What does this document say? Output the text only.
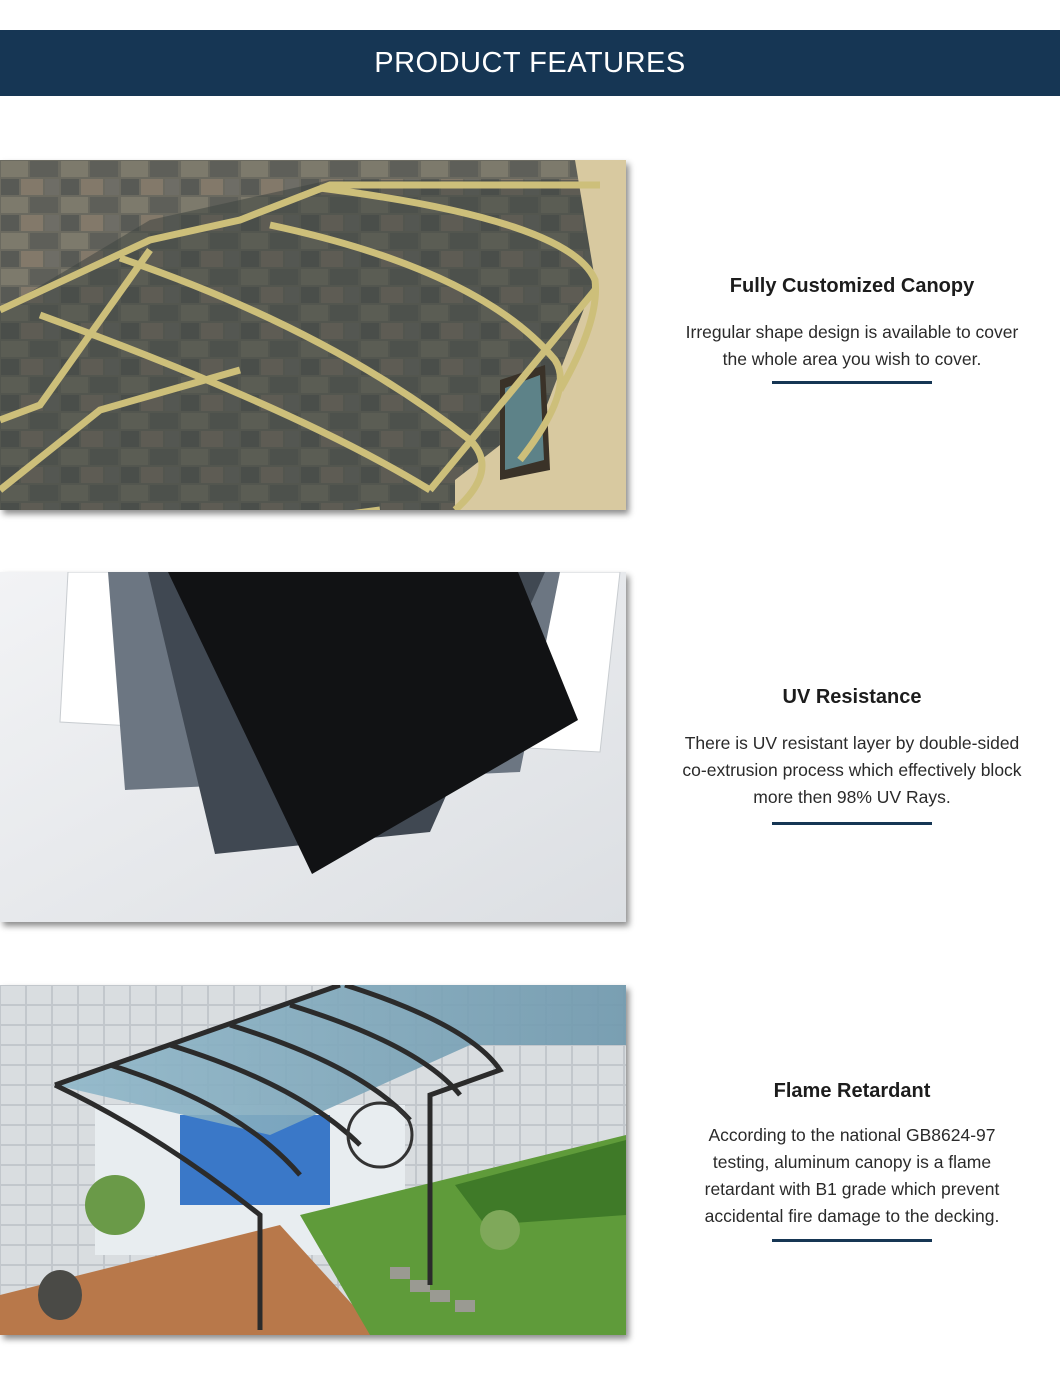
PRODUCT FEATURES

Fully Customized Canopy

Irregular shape design is available to cover

the whole area you wish to cover.

UV Resistance

There is UV resistant layer by double-sided

co-extrusion process which effectively block

more then 98% UV Rays.

Flame Retardant

According to the national GB8624-97

testing, aluminum canopy is a flame

retardant with B1 grade which prevent

accidental fire damage to the decking.
